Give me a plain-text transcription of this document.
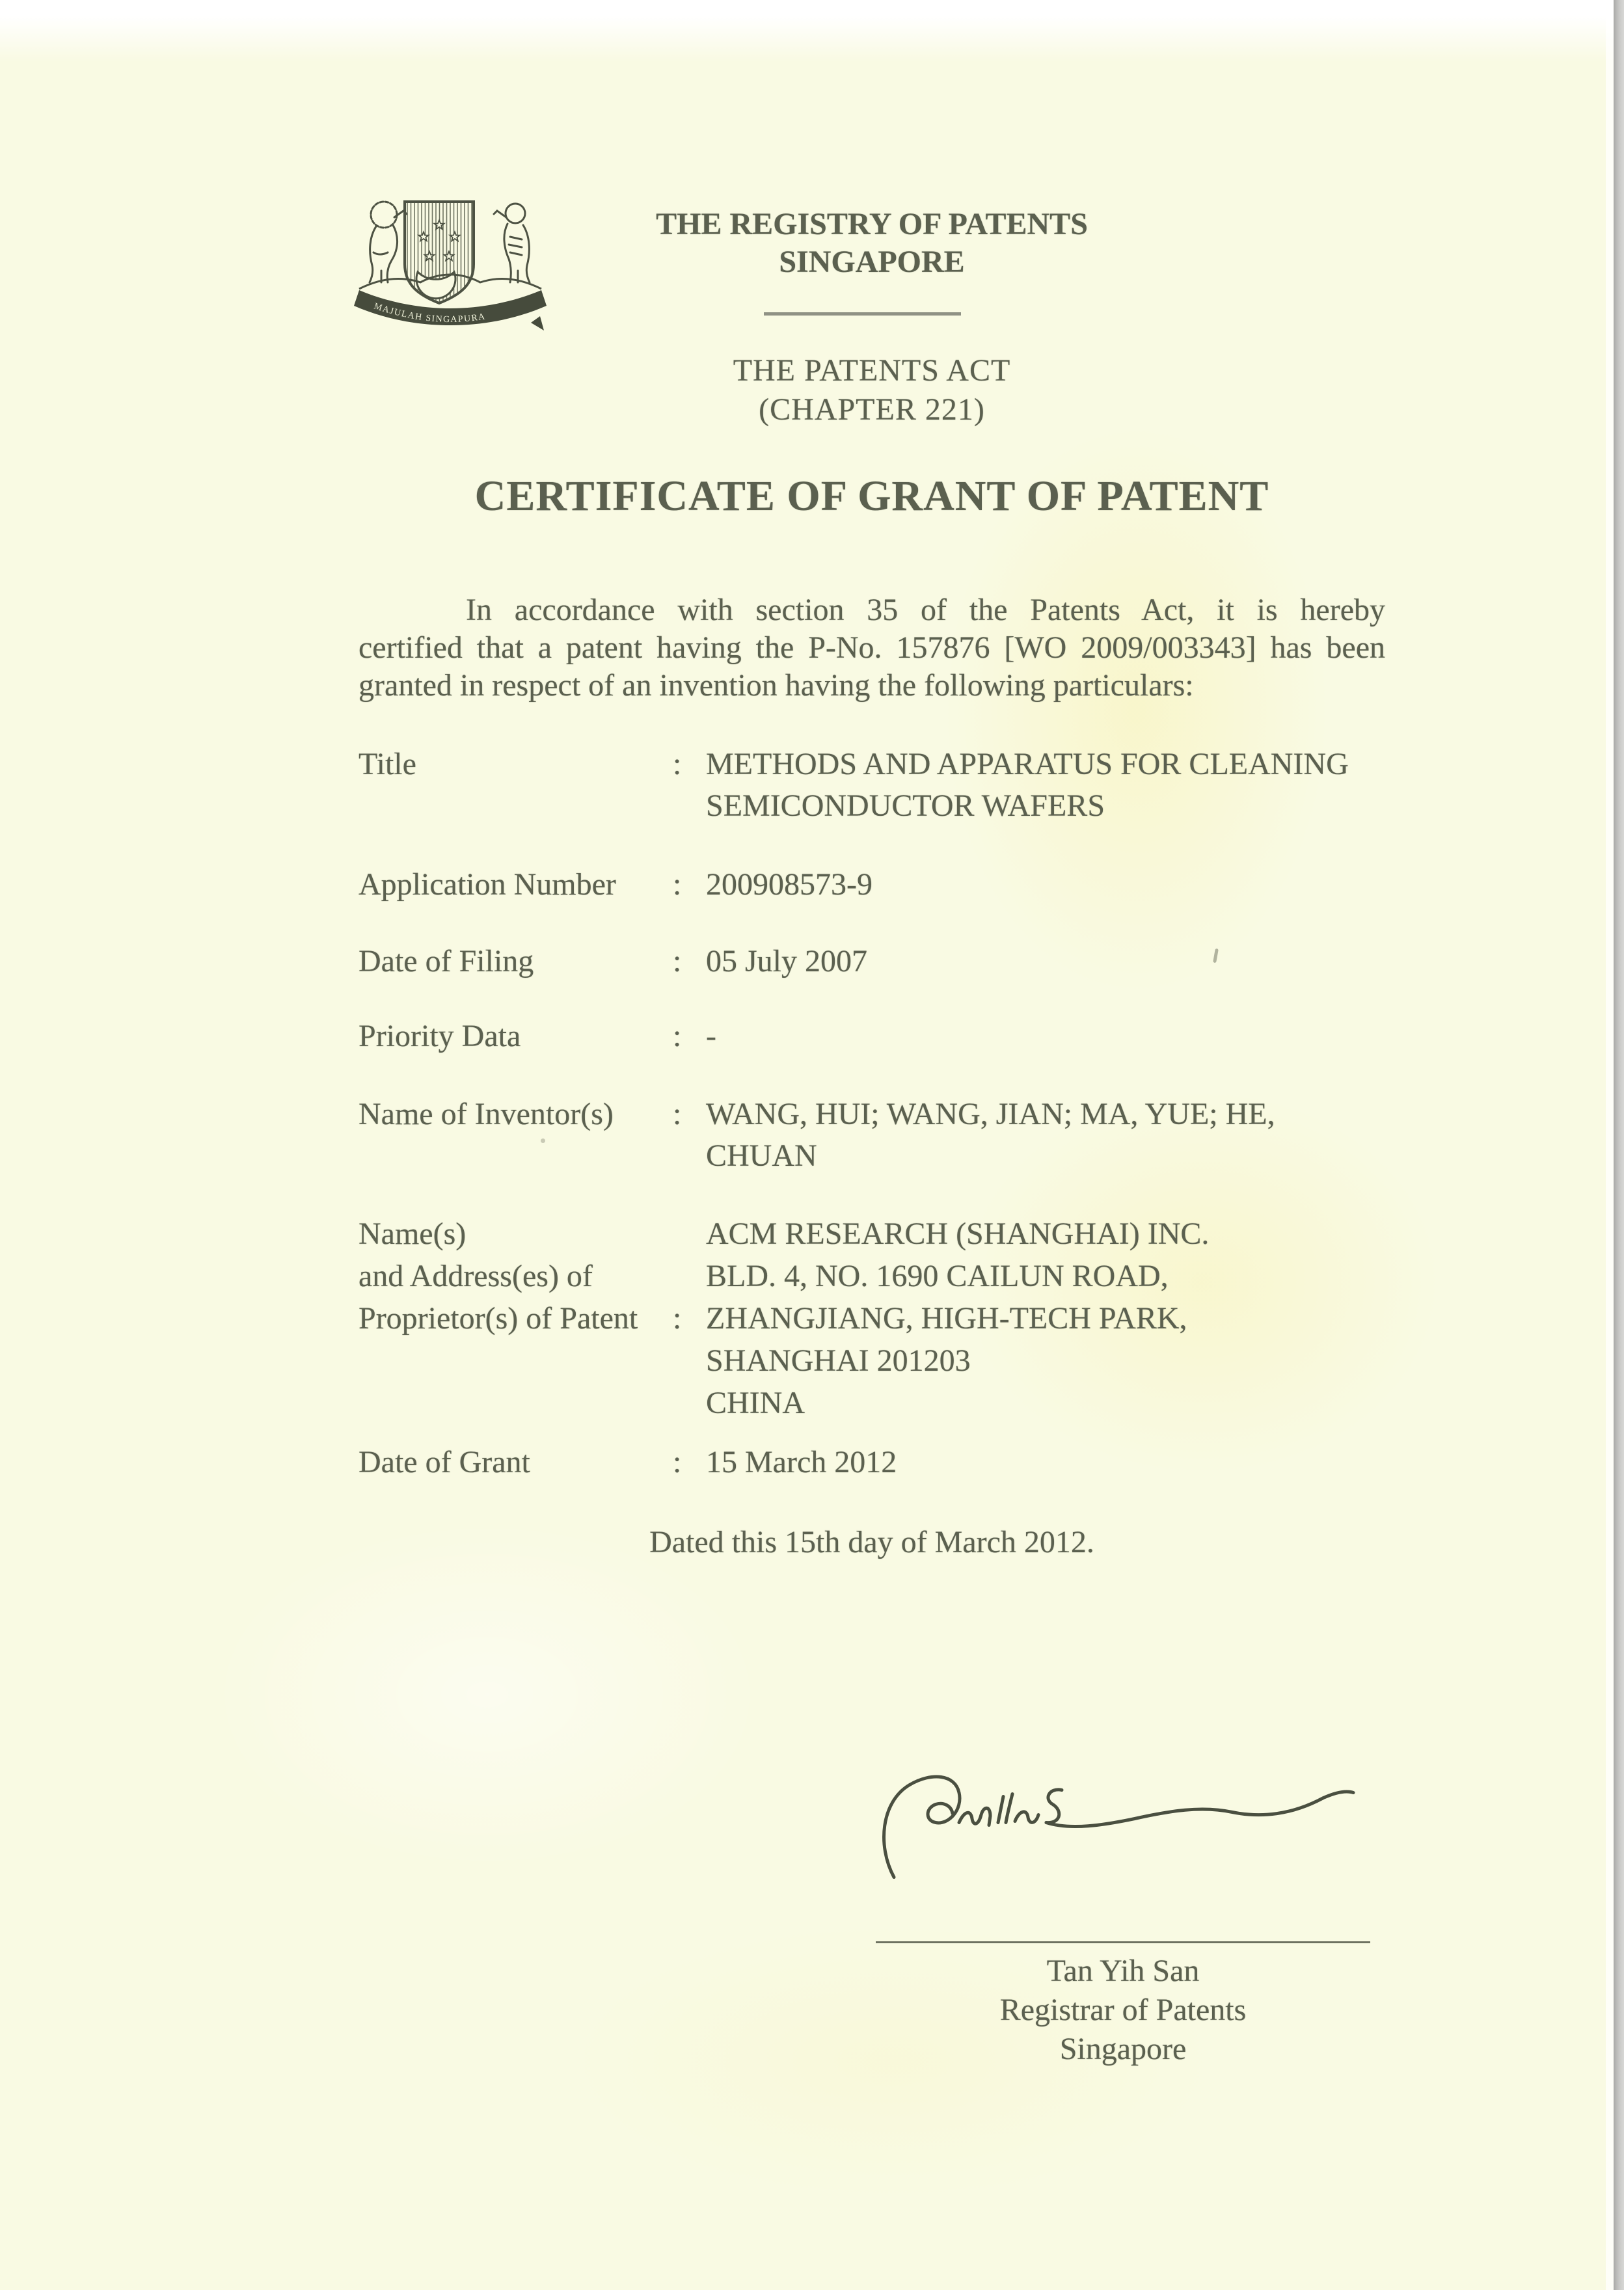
MAJULAH SINGAPURA
THE REGISTRY OF PATENTS
SINGAPORE
THE PATENTS ACT
(CHAPTER 221)
CERTIFICATE OF GRANT OF PATENT
In accordance with section 35 of the Patents Act, it is hereby
certified that a patent having the P-No. 157876 [WO 2009/003343] has been
granted in respect of an invention having the following particulars:
Title	: METHODS AND APPARATUS FOR CLEANING
SEMICONDUCTOR WAFERS
Application Number : 200908573-9
Date of Filing	: 05 July 2007
Priority Data	: -
Name of Inventor(s) : WANG, HUI; WANG, JIAN; MA, YUE; HE,
CHUAN
Name(s)
and Address(es) of
Proprietor(s) of Patent :
ACM RESEARCH (SHANGHAI) INC.
BLD. 4, NO. 1690 CAILUN ROAD,
ZHANGJIANG, HIGH-TECH PARK,
SHANGHAI 201203
CHINA
Date of Grant	: 15 March 2012
Dated this 15th day of March 2012.
Tan Yih San
Registrar of Patents
Singapore
